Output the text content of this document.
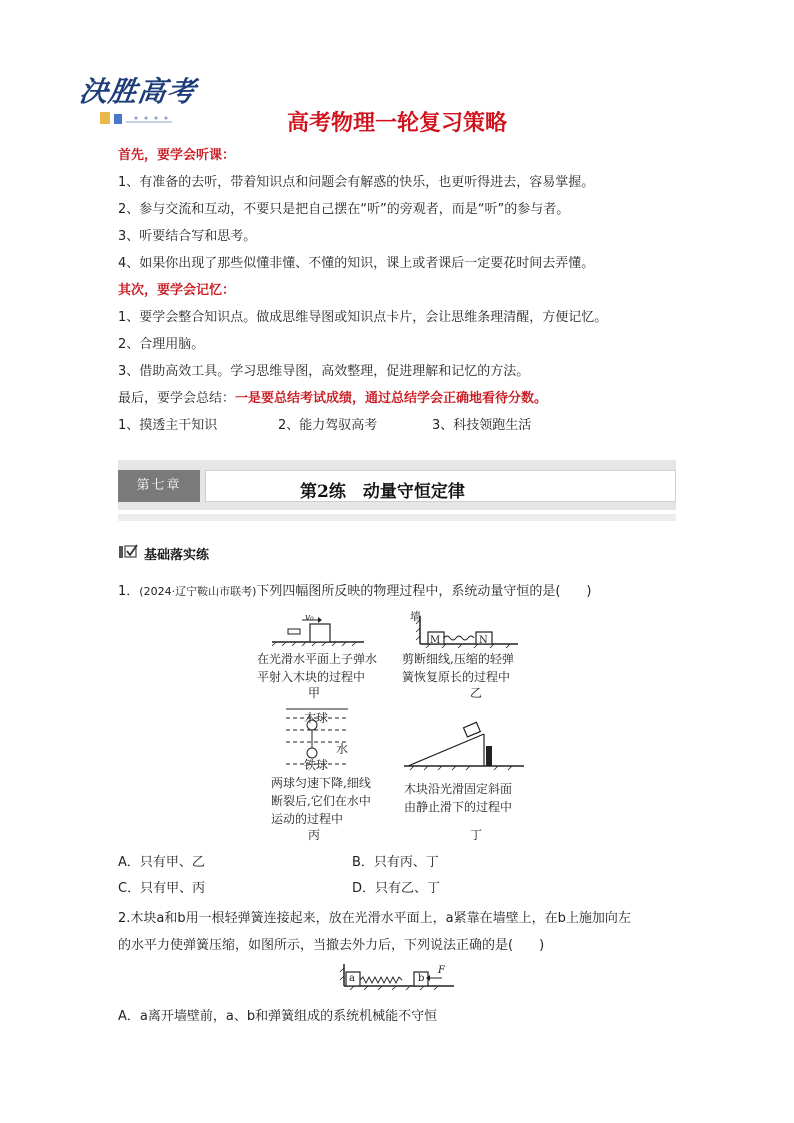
決胜高考
高考物理一轮复习策略
首先，要学会听课：
1、有准备的去听，带着知识点和问题会有解惑的快乐，也更听得进去，容易掌握。
2、参与交流和互动，不要只是把自己摆在“听”的旁观者，而是“听”的参与者。
3、听要结合写和思考。
4、如果你出现了那些似懂非懂、不懂的知识，课上或者课后一定要花时间去弄懂。
其次，要学会记忆：
1、要学会整合知识点。做成思维导图或知识点卡片，会让思维条理清醒，方便记忆。
2、合理用脑。
3、借助高效工具。学习思维导图，高效整理，促进理解和记忆的方法。
最后，要学会总结：一是要总结考试成绩，通过总结学会正确地看待分数。
1、摸透主干知识	2、能力驾驭高考	3、科技领跑生活
第七章	第2练　动量守恒定律
基础落实练
1．(2024·辽宁鞍山市联考)下列四幅图所反映的物理过程中，系统动量守恒的是(　　)
v₀
在光滑水平面上子弹水
平射入木块的过程中
甲
墙
M	N
剪断细线,压缩的轻弹
簧恢复原长的过程中
乙
木球
水
铁球
两球匀速下降,细线
断裂后,它们在水中
运动的过程中
丙
木块沿光滑固定斜面
由静止滑下的过程中
丁
A．只有甲、乙	B．只有丙、丁
C．只有甲、丙	D．只有乙、丁
2.木块a和b用一根轻弹簧连接起来，放在光滑水平面上，a紧靠在墙壁上，在b上施加向左
的水平力使弹簧压缩，如图所示，当撤去外力后，下列说法正确的是(　　)
a	b
F
A．a离开墙壁前，a、b和弹簧组成的系统机械能不守恒
